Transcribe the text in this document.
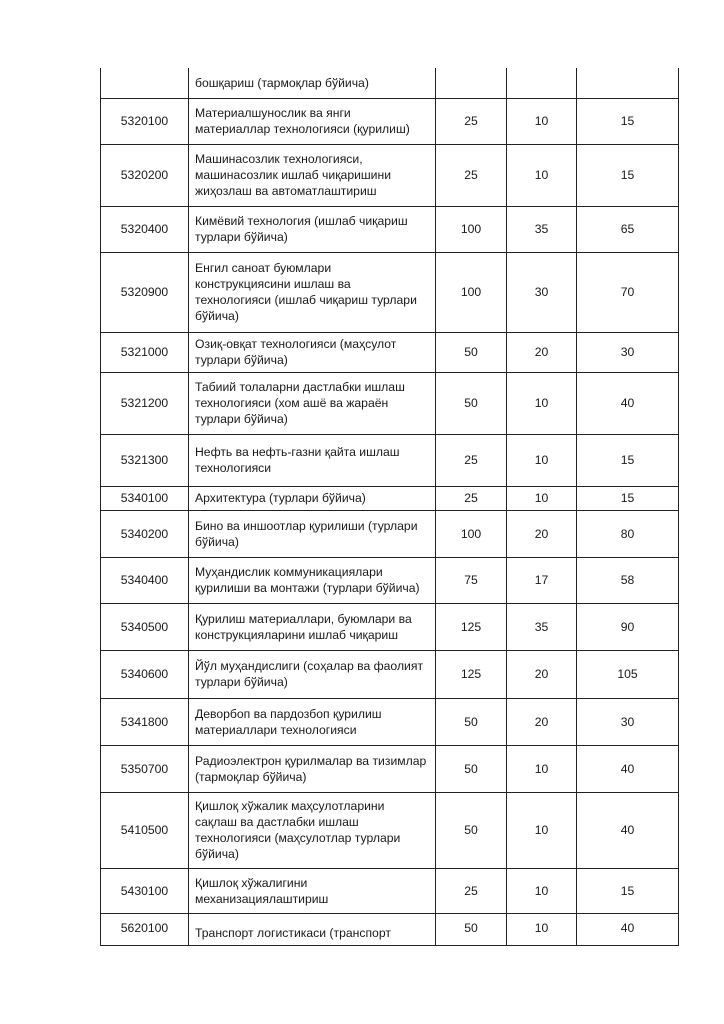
	бошқариш (тармоқлар бўйича)			
5320100	Материалшунослик ва янги материаллар технологияси (қурилиш)	25	10	15
5320200	Машинасозлик технологияси, машинасозлик ишлаб чиқаришини жиҳозлаш ва автоматлаштириш	25	10	15
5320400	Кимёвий технология (ишлаб чиқариш турлари бўйича)	100	35	65
5320900	Енгил саноат буюмлари конструкциясини ишлаш ва технологияси (ишлаб чиқариш турлари бўйича)	100	30	70
5321000	Озиқ-овқат технологияси (маҳсулот турлари бўйича)	50	20	30
5321200	Табиий толаларни дастлабки ишлаш технологияси (хом ашё ва жараён турлари бўйича)	50	10	40
5321300	Нефть ва нефть-газни қайта ишлаш технологияси	25	10	15
5340100	Архитектура (турлари бўйича)	25	10	15
5340200	Бино ва иншоотлар қурилиши (турлари бўйича)	100	20	80
5340400	Муҳандислик коммуникациялари қурилиши ва монтажи (турлари бўйича)	75	17	58
5340500	Қурилиш материаллари, буюмлари ва конструкцияларини ишлаб чиқариш	125	35	90
5340600	Йўл муҳандислиги (соҳалар ва фаолият турлари бўйича)	125	20	105
5341800	Деворбоп ва пардозбоп қурилиш материаллари технологияси	50	20	30
5350700	Радиоэлектрон қурилмалар ва тизимлар (тармоқлар бўйича)	50	10	40
5410500	Қишлоқ хўжалик маҳсулотларини сақлаш ва дастлабки ишлаш технологияси (маҳсулотлар турлари бўйича)	50	10	40
5430100	Қишлоқ хўжалигини механизациялаштириш	25	10	15
5620100	Транспорт логистикаси (транспорт	50	10	40
